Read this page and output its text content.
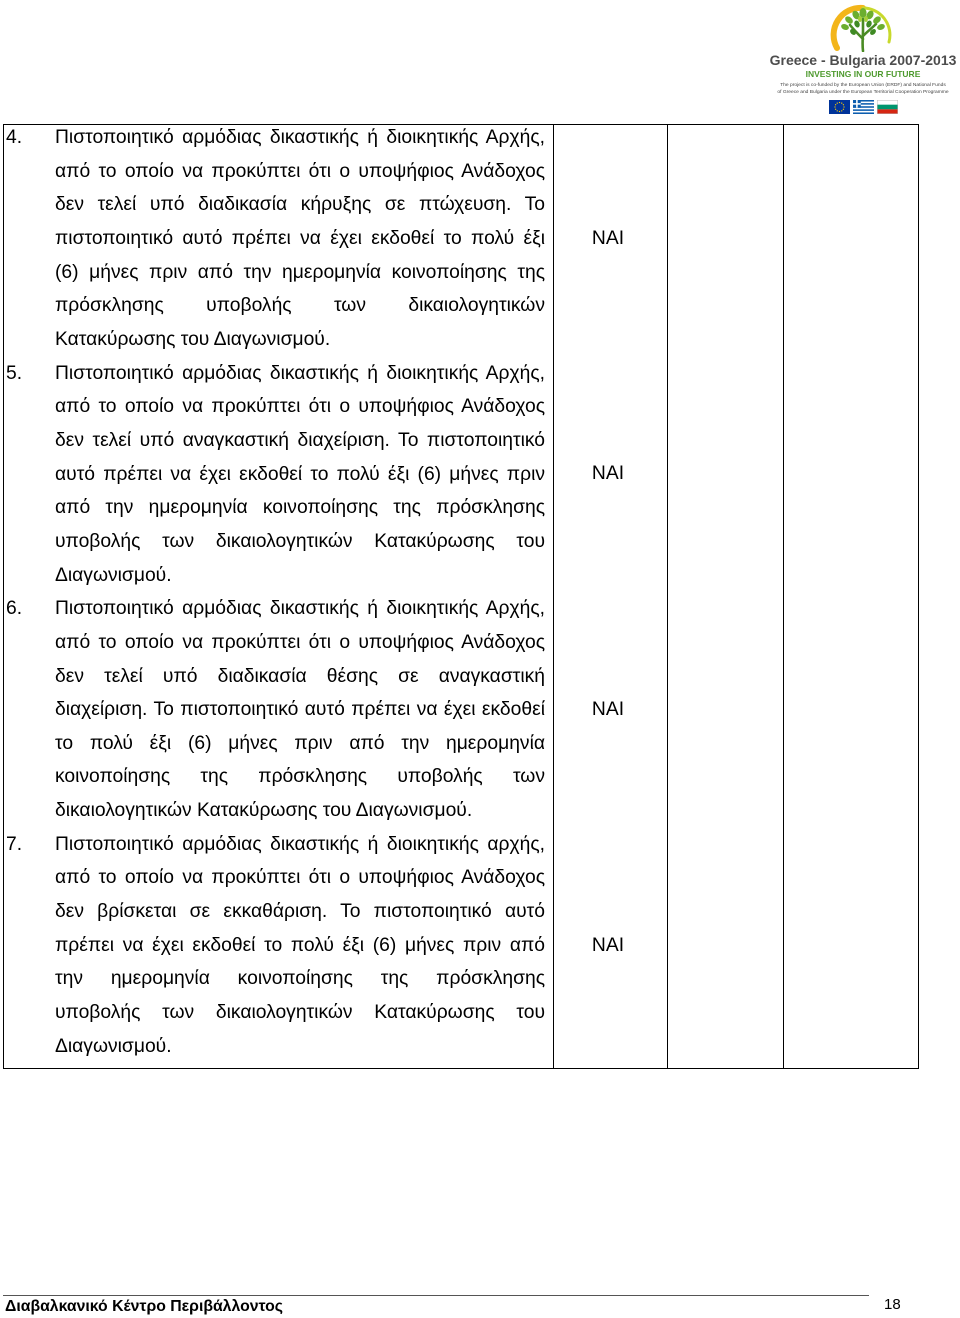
Greece - Bulgaria 2007-2013
INVESTING IN OUR FUTURE
The project is co-funded by the European Union (ERDF) and National Funds
of Greece and Bulgaria under the European Territorial Cooperation Programme
4. Πιστοποιητικό αρμόδιας δικαστικής ή διοικητικής Αρχής,
από το οποίο να προκύπτει ότι ο υποψήφιος Ανάδοχος
δεν τελεί υπό διαδικασία κήρυξης σε πτώχευση. Το
πιστοποιητικό αυτό πρέπει να έχει εκδοθεί το πολύ έξι
(6) μήνες πριν από την ημερομηνία κοινοποίησης της
πρόσκλησης υποβολής των δικαιολογητικών
Κατακύρωσης του Διαγωνισμού.
ΝΑΙ
5. Πιστοποιητικό αρμόδιας δικαστικής ή διοικητικής Αρχής,
από το οποίο να προκύπτει ότι ο υποψήφιος Ανάδοχος
δεν τελεί υπό αναγκαστική διαχείριση. Το πιστοποιητικό
αυτό πρέπει να έχει εκδοθεί το πολύ έξι (6) μήνες πριν
από την ημερομηνία κοινοποίησης της πρόσκλησης
υποβολής των δικαιολογητικών Κατακύρωσης του
Διαγωνισμού.
ΝΑΙ
6. Πιστοποιητικό αρμόδιας δικαστικής ή διοικητικής Αρχής,
από το οποίο να προκύπτει ότι ο υποψήφιος Ανάδοχος
δεν τελεί υπό διαδικασία θέσης σε αναγκαστική
διαχείριση. Το πιστοποιητικό αυτό πρέπει να έχει εκδοθεί
το πολύ έξι (6) μήνες πριν από την ημερομηνία
κοινοποίησης της πρόσκλησης υποβολής των
δικαιολογητικών Κατακύρωσης του Διαγωνισμού.
ΝΑΙ
7. Πιστοποιητικό αρμόδιας δικαστικής ή διοικητικής αρχής,
από το οποίο να προκύπτει ότι ο υποψήφιος Ανάδοχος
δεν βρίσκεται σε εκκαθάριση. Το πιστοποιητικό αυτό
πρέπει να έχει εκδοθεί το πολύ έξι (6) μήνες πριν από
την ημερομηνία κοινοποίησης της πρόσκλησης
υποβολής των δικαιολογητικών Κατακύρωσης του
Διαγωνισμού.
ΝΑΙ
Διαβαλκανικό Κέντρο Περιβάλλοντος	18
